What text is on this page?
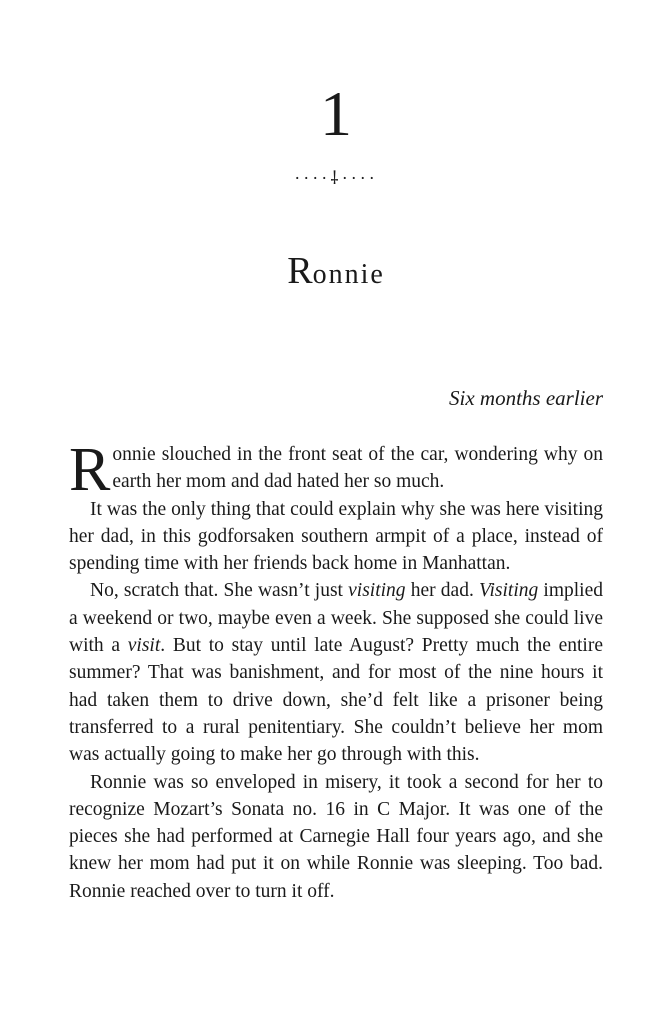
1
····⸸····
Ronnie
Six months earlier

R onnie slouched in the front seat of the car, wondering why on
earth her mom and dad hated her so much.

It was the only thing that could explain why she was here visiting
her dad, in this godforsaken southern armpit of a place, instead of
spending time with her friends back home in Manhattan.

No, scratch that. She wasn’t just visiting her dad. Visiting implied a weekend or two, maybe even a week. She supposed she could live with a visit. But to stay until late August? Pretty much the entire summer? That was banishment, and for most of the nine hours it had taken them to drive down, she’d felt like a prisoner being transferred to a rural penitentiary. She couldn’t believe her mom was actually going to make her go through with this.

Ronnie was so enveloped in misery, it took a second for her to recognize Mozart’s Sonata no. 16 in C Major. It was one of the pieces she had performed at Carnegie Hall four years ago, and she knew her mom had put it on while Ronnie was sleeping. Too bad. Ronnie reached over to turn it off.
